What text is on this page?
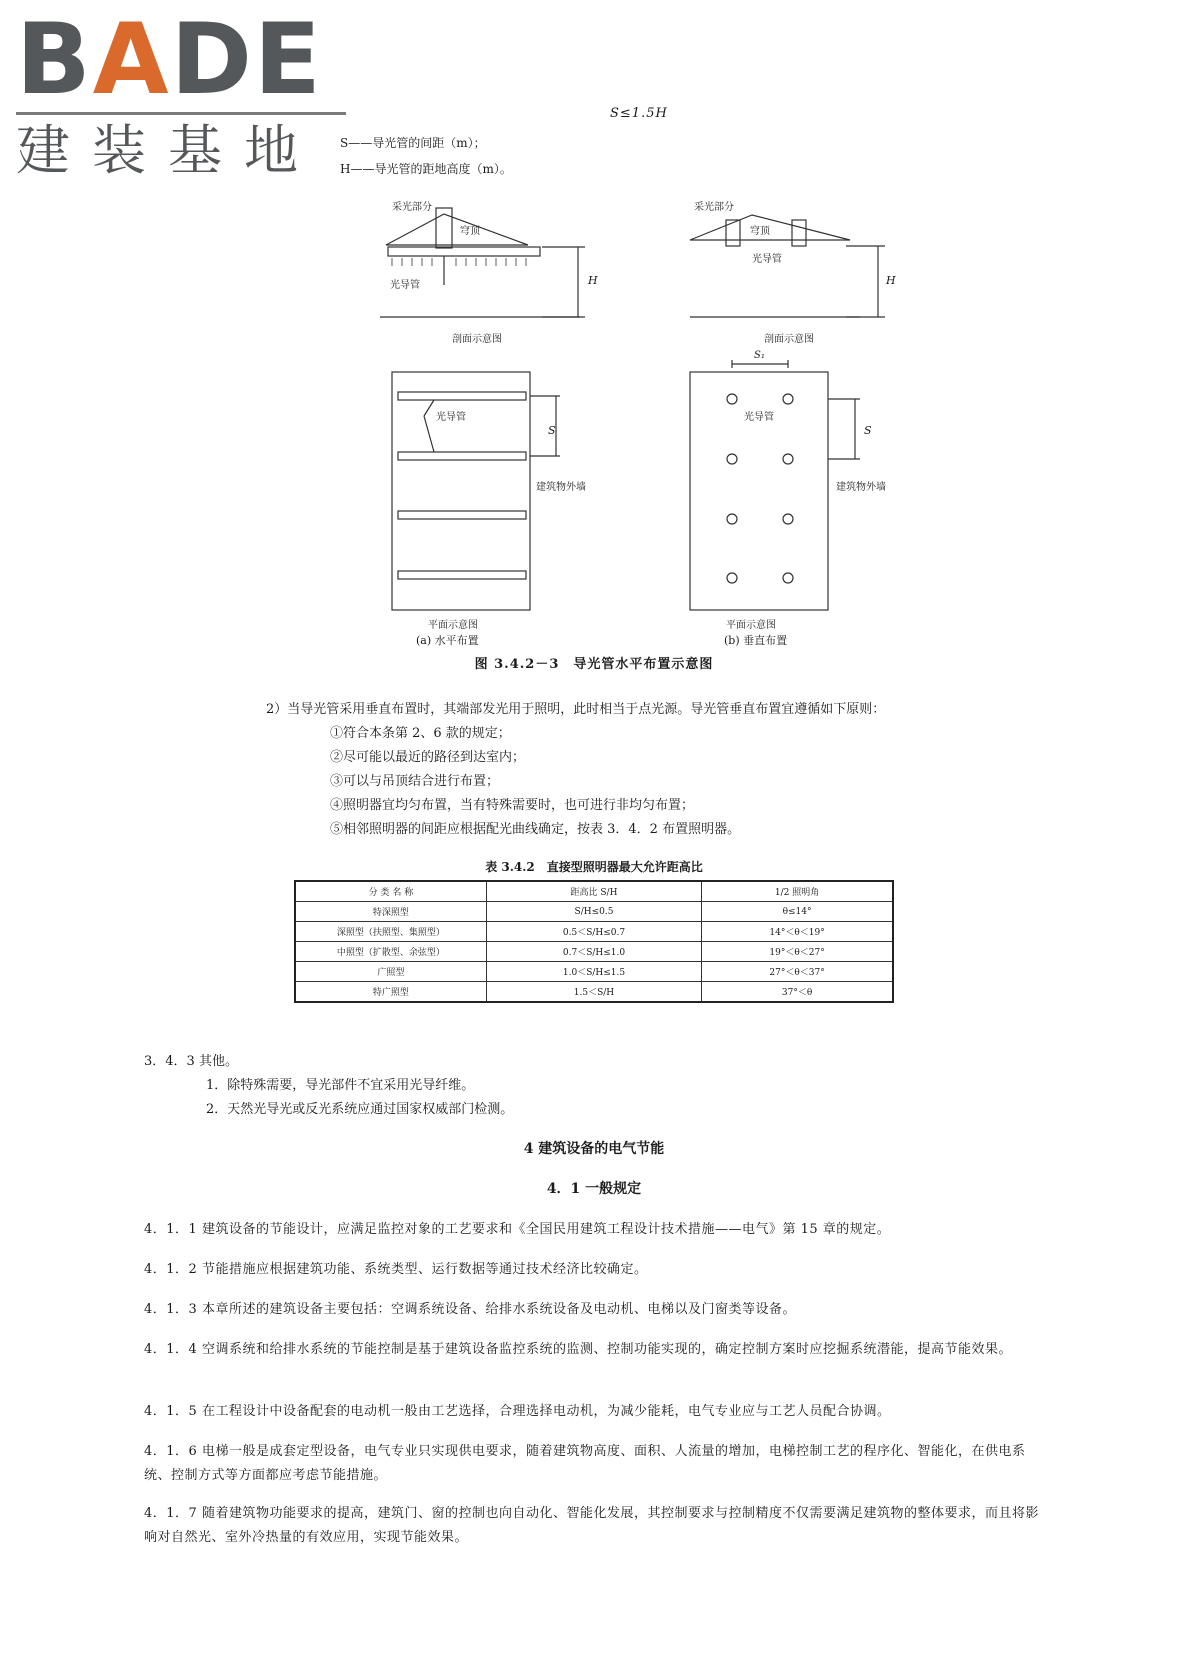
BADE
建装基地
S≤1.5H
S——导光管的间距（m）；
H——导光管的距地高度（m）。
采光部分
穹顶
光导管	H
剖面示意图
光导管
S
建筑物外墙
平面示意图
(a) 水平布置
采光部分
穹顶
光导管
H
剖面示意图
S₁
光导管
S
建筑物外墙
平面示意图
(b) 垂直布置
图 3.4.2－3　导光管水平布置示意图
2）当导光管采用垂直布置时，其端部发光用于照明，此时相当于点光源。导光管垂直布置宜遵循如下原则：
①符合本条第 2、6 款的规定；
②尽可能以最近的路径到达室内；
③可以与吊顶结合进行布置；
④照明器宜均匀布置，当有特殊需要时，也可进行非均匀布置；
⑤相邻照明器的间距应根据配光曲线确定，按表 3．4．2 布置照明器。
表 3.4.2　直接型照明器最大允许距高比
分 类 名 称	距高比 S/H	1/2 照明角
特深照型	S/H≤0.5	θ≤14°
深照型（扶照型、集照型）	0.5＜S/H≤0.7	14°＜θ＜19°
中照型（扩散型、余弦型）	0.7＜S/H≤1.0	19°＜θ＜27°
广照型	1.0＜S/H≤1.5	27°＜θ＜37°
特广照型	1.5＜S/H	37°＜θ
3．4．3 其他。
1．除特殊需要，导光部件不宜采用光导纤维。
2．天然光导光或反光系统应通过国家权威部门检测。
4 建筑设备的电气节能
4．1 一般规定
4．1．1 建筑设备的节能设计，应满足监控对象的工艺要求和《全国民用建筑工程设计技术措施——电气》第 15 章的规定。
4．1．2 节能措施应根据建筑功能、系统类型、运行数据等通过技术经济比较确定。
4．1．3 本章所述的建筑设备主要包括：空调系统设备、给排水系统设备及电动机、电梯以及门窗类等设备。
4．1．4 空调系统和给排水系统的节能控制是基于建筑设备监控系统的监测、控制功能实现的，确定控制方案时应挖掘系统潜能，提高节能效果。
4．1．5 在工程设计中设备配套的电动机一般由工艺选择，合理选择电动机，为减少能耗，电气专业应与工艺人员配合协调。
4．1．6 电梯一般是成套定型设备，电气专业只实现供电要求，随着建筑物高度、面积、人流量的增加，电梯控制工艺的程序化、智能化，在供电系统、控制方式等方面都应考虑节能措施。
4．1．7 随着建筑物功能要求的提高，建筑门、窗的控制也向自动化、智能化发展，其控制要求与控制精度不仅需要满足建筑物的整体要求，而且将影响对自然光、室外冷热量的有效应用，实现节能效果。
